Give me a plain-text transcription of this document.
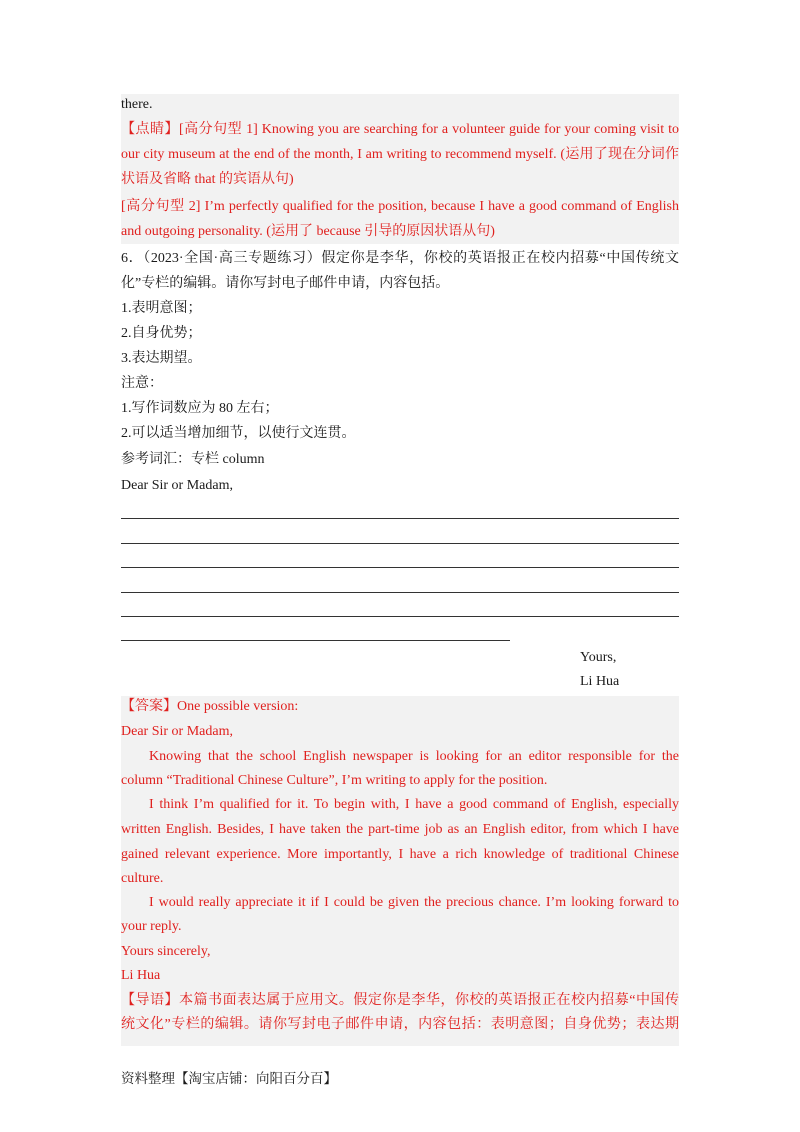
there.
【点睛】[高分句型 1] Knowing you are searching for a volunteer guide for your coming visit to
our city museum at the end of the month, I am writing to recommend myself. (运用了现在分词作
状语及省略 that 的宾语从句)
[高分句型 2] I’m perfectly qualified for the position, because I have a good command of English
and outgoing personality. (运用了 because 引导的原因状语从句)
6．（2023·全国·高三专题练习）假定你是李华，你校的英语报正在校内招募“中国传统文
化”专栏的编辑。请你写封电子邮件申请，内容包括。
1.表明意图；
2.自身优势；
3.表达期望。
注意：
1.写作词数应为 80 左右；
2.可以适当增加细节，以使行文连贯。
参考词汇：专栏 column
Dear Sir or Madam,
Yours,
Li Hua
【答案】One possible version:
Dear Sir or Madam,
Knowing that the school English newspaper is looking for an editor responsible for the
column “Traditional Chinese Culture”, I’m writing to apply for the position.
I think I’m qualified for it. To begin with, I have a good command of English, especially
written English. Besides, I have taken the part-time job as an English editor, from which I have
gained relevant experience. More importantly, I have a rich knowledge of traditional Chinese
culture.
I would really appreciate it if I could be given the precious chance. I’m looking forward to
your reply.
Yours sincerely,
Li Hua
【导语】本篇书面表达属于应用文。假定你是李华，你校的英语报正在校内招募“中国传
统文化”专栏的编辑。请你写封电子邮件申请，内容包括：表明意图；自身优势；表达期
资料整理【淘宝店铺：向阳百分百】
